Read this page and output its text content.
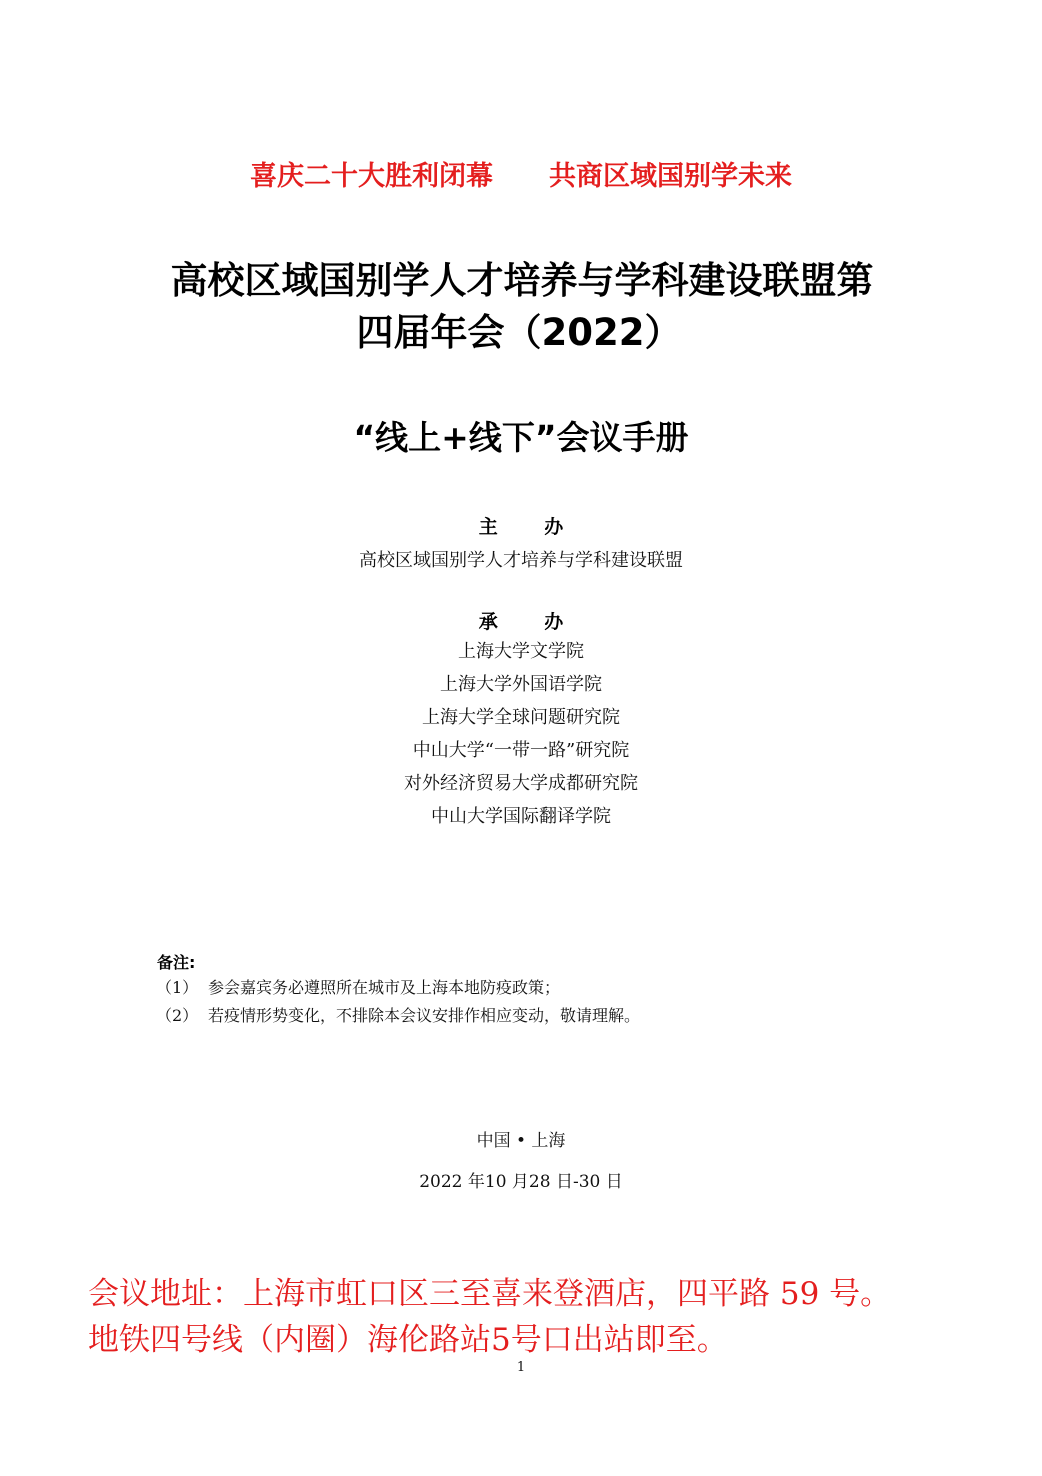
喜庆二十大胜利闭幕 共商区域国别学未来
高校区域国别学人才培养与学科建设联盟第
四届年会（2022）
“线上+线下”会议手册
主 办
高校区域国别学人才培养与学科建设联盟
承 办
上海大学文学院
上海大学外国语学院
上海大学全球问题研究院
中山大学“一带一路”研究院
对外经济贸易大学成都研究院
中山大学国际翻译学院
备注:
（1） 参会嘉宾务必遵照所在城市及上海本地防疫政策；
（2） 若疫情形势变化，不排除本会议安排作相应变动，敬请理解。
中国 • 上海
2022 年10 月28 日-30 日
会议地址：上海市虹口区三至喜来登酒店，四平路 59 号。
地铁四号线（内圈）海伦路站5号口出站即至。
1
